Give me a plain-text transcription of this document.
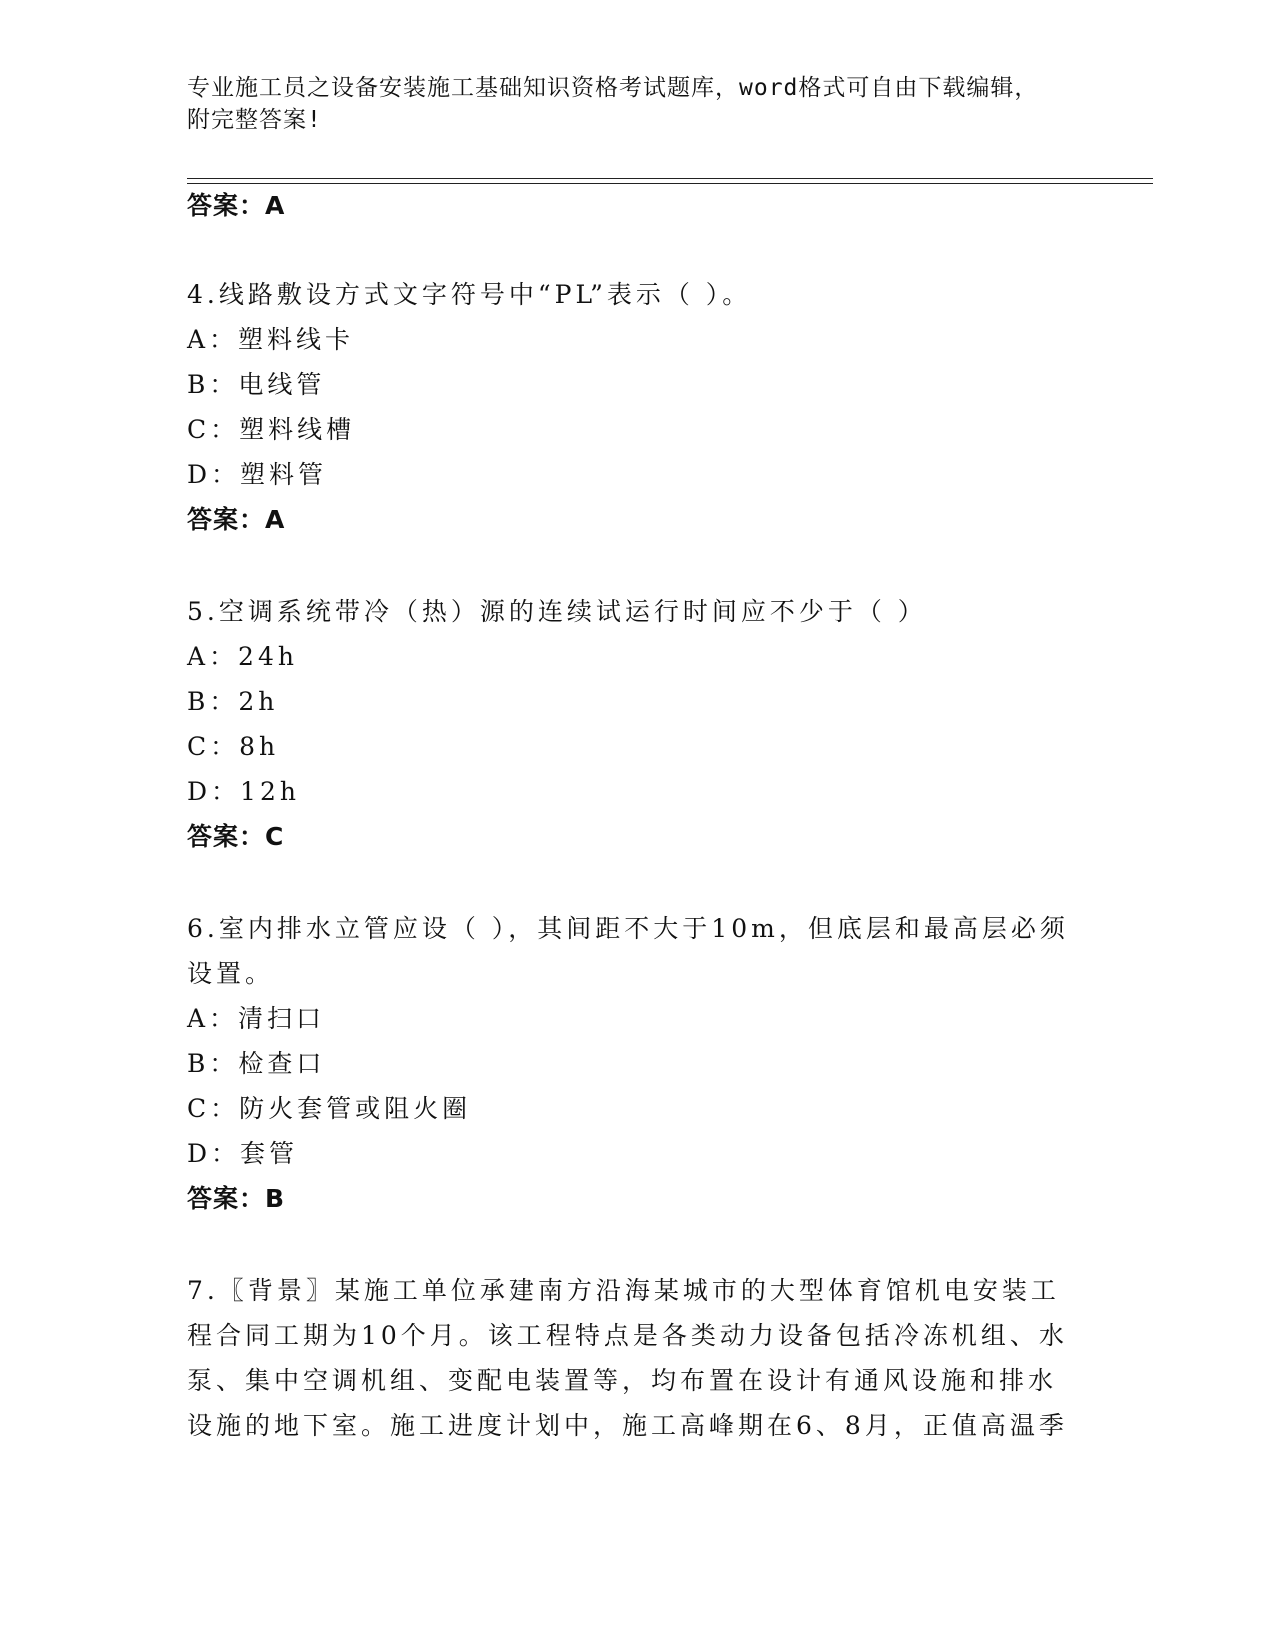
专业施工员之设备安装施工基础知识资格考试题库，word格式可自由下载编辑，
附完整答案!
答案：A
4.线路敷设方式文字符号中“PL”表示（ ）。
A：塑料线卡
B：电线管
C：塑料线槽
D：塑料管
答案：A
5.空调系统带冷（热）源的连续试运行时间应不少于（ ）
A：24h
B：2h
C：8h
D：12h
答案：C
6.室内排水立管应设（ ），其间距不大于10m，但底层和最高层必须
设置。
A：清扫口
B：检查口
C：防火套管或阻火圈
D：套管
答案：B
7.〖背景〗某施工单位承建南方沿海某城市的大型体育馆机电安装工
程合同工期为10个月。该工程特点是各类动力设备包括冷冻机组、水
泵、集中空调机组、变配电装置等，均布置在设计有通风设施和排水
设施的地下室。施工进度计划中，施工高峰期在6、8月，正值高温季
